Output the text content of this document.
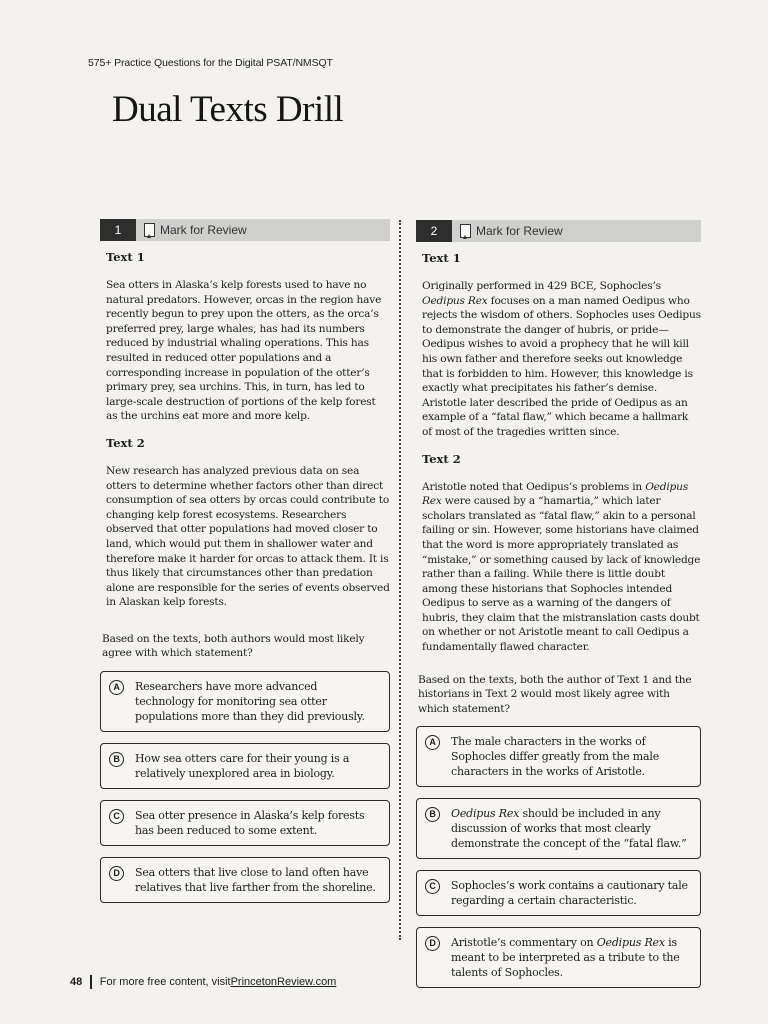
575+ Practice Questions for the Digital PSAT/NMSQT
Dual Texts Drill
1	Mark for Review
Text 1

Sea otters in Alaska’s kelp forests used to have no natural predators. However, orcas in the region have recently begun to prey upon the otters, as the orca’s preferred prey, large whales, has had its numbers reduced by industrial whaling operations. This has resulted in reduced otter populations and a corresponding increase in population of the otter’s primary prey, sea urchins. This, in turn, has led to large-scale destruction of portions of the kelp forest as the urchins eat more and more kelp.

Text 2

New research has analyzed previous data on sea otters to determine whether factors other than direct consumption of sea otters by orcas could contribute to changing kelp forest ecosystems. Researchers observed that otter populations had moved closer to land, which would put them in shallower water and therefore make it harder for orcas to attack them. It is thus likely that circumstances other than predation alone are responsible for the series of events observed in Alaskan kelp forests.

Based on the texts, both authors would most likely agree with which statement?

A	Researchers have more advanced technology for monitoring sea otter populations more than they did previously.
B	How sea otters care for their young is a relatively unexplored area in biology.
C	Sea otter presence in Alaska’s kelp forests has been reduced to some extent.
D	Sea otters that live close to land often have relatives that live farther from the shoreline.
2	Mark for Review
Text 1

Originally performed in 429 BCE, Sophocles’s Oedipus Rex focuses on a man named Oedipus who rejects the wisdom of others. Sophocles uses Oedipus to demonstrate the danger of hubris, or pride—Oedipus wishes to avoid a prophecy that he will kill his own father and therefore seeks out knowledge that is forbidden to him. However, this knowledge is exactly what precipitates his father’s demise. Aristotle later described the pride of Oedipus as an example of a “fatal flaw,” which became a hallmark of most of the tragedies written since.

Text 2

Aristotle noted that Oedipus’s problems in Oedipus Rex were caused by a “hamartia,” which later scholars translated as “fatal flaw,” akin to a personal failing or sin. However, some historians have claimed that the word is more appropriately translated as “mistake,” or something caused by lack of knowledge rather than a failing. While there is little doubt among these historians that Sophocles intended Oedipus to serve as a warning of the dangers of hubris, they claim that the mistranslation casts doubt on whether or not Aristotle meant to call Oedipus a fundamentally flawed character.

Based on the texts, both the author of Text 1 and the historians in Text 2 would most likely agree with which statement?

A	The male characters in the works of Sophocles differ greatly from the male characters in the works of Aristotle.
B	Oedipus Rex should be included in any discussion of works that most clearly demonstrate the concept of the “fatal flaw.”
C	Sophocles’s work contains a cautionary tale regarding a certain characteristic.
D	Aristotle’s commentary on Oedipus Rex is meant to be interpreted as a tribute to the talents of Sophocles.
48 For more free content, visit PrincetonReview.com
